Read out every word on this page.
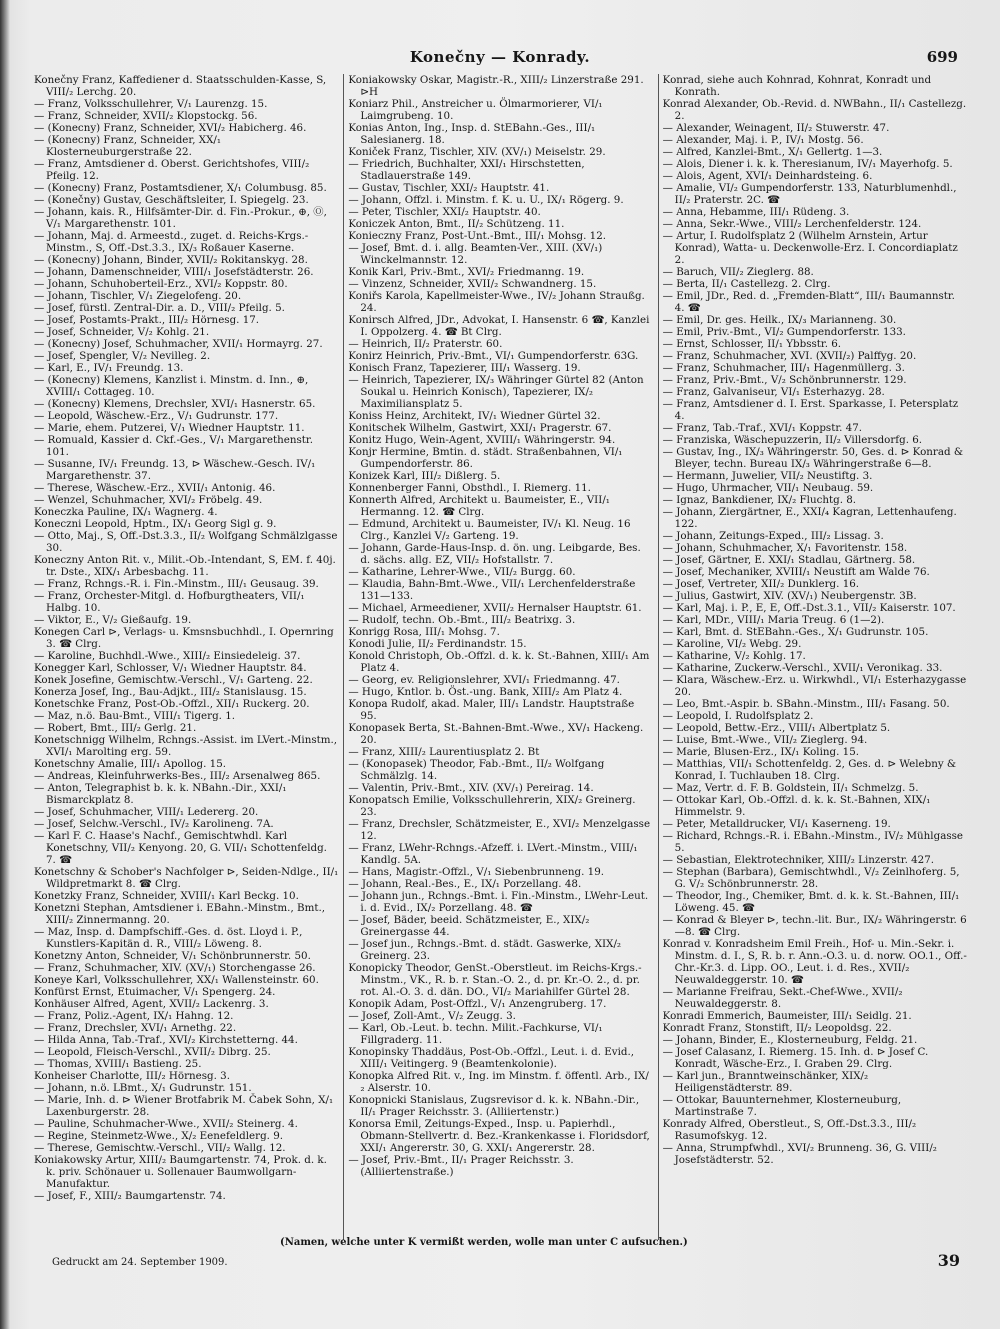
Konečny — Konrady.	699

Konečny Franz, Kaffediener d. Staatsschulden-Kasse, S, VIII/₂ Lerchg. 20.

— Franz, Volksschullehrer, V/₁ Laurenzg. 15.

— Franz, Schneider, XVII/₂ Klopstockg. 56.

— (Konecny) Franz, Schneider, XVI/₂ Habicherg. 46.

— (Konecny) Franz, Schneider, XX/₁ Klosterneuburgerstraße 22.

— Franz, Amtsdiener d. Oberst. Gerichtshofes, VIII/₂ Pfeilg. 12.

— (Konecny) Franz, Postamtsdiener, X/₁ Columbusg. 85.

— (Konečny) Gustav, Geschäftsleiter, I. Spiegelg. 23.

— Johann, kais. R., Hilfsämter-Dir. d. Fin.-Prokur., ⊕, Ⓞ, V/₁ Margarethenstr. 101.

— Johann, Maj. d. Armeestd., zuget. d. Reichs-Krgs.-Minstm., S, Off.-Dst.3.3., IX/₃ Roßauer Kaserne.

— (Konecny) Johann, Binder, XVII/₂ Rokitanskyg. 28.

— Johann, Damenschneider, VIII/₁ Josefstädterstr. 26.

— Johann, Schuhoberteil-Erz., XVI/₂ Koppstr. 80.

— Johann, Tischler, V/₁ Ziegelofeng. 20.

— Josef, fürstl. Zentral-Dir. a. D., VIII/₂ Pfeilg. 5.

— Josef, Postamts-Prakt., III/₂ Hörnesg. 17.

— Josef, Schneider, V/₂ Kohlg. 21.

— (Konecny) Josef, Schuhmacher, XVII/₁ Hormayrg. 27.

— Josef, Spengler, V/₂ Nevilleg. 2.

— Karl, E., IV/₁ Freundg. 13.

— (Konecny) Klemens, Kanzlist i. Minstm. d. Inn., ⊕, XVIII/₁ Cottageg. 10.

— (Konecny) Klemens, Drechsler, XVI/₁ Hasnerstr. 65.

— Leopold, Wäschew.-Erz., V/₁ Gudrunstr. 177.

— Marie, ehem. Putzerei, V/₁ Wiedner Hauptstr. 11.

— Romuald, Kassier d. Ckf.-Ges., V/₁ Margarethenstr. 101.

— Susanne, IV/₁ Freundg. 13, ⊳ Wäschew.-Gesch. IV/₁ Margarethenstr. 37.

— Therese, Wäschew.-Erz., XVII/₁ Antonig. 46.

— Wenzel, Schuhmacher, XVI/₂ Fröbelg. 49.

Koneczka Pauline, IX/₁ Wagnerg. 4.

Koneczni Leopold, Hptm., IX/₁ Georg Sigl g. 9.

— Otto, Maj., S, Off.-Dst.3.3., II/₂ Wolfgang Schmälzlgasse 30.

Koneczny Anton Rit. v., Milit.-Ob.-Intendant, S, EM. f. 40j. tr. Dste., XIX/₁ Arbesbachg. 11.

— Franz, Rchngs.-R. i. Fin.-Minstm., III/₁ Geusaug. 39.

— Franz, Orchester-Mitgl. d. Hofburgtheaters, VII/₁ Halbg. 10.

— Viktor, E., V/₂ Gießaufg. 19.

Konegen Carl ⊳, Verlags- u. Kmsnsbuchhdl., I. Opernring 3. ☎ Clrg.

— Karoline, Buchhdl.-Wwe., XIII/₂ Einsiedeleig. 37.

Konegger Karl, Schlosser, V/₁ Wiedner Hauptstr. 84.

Konek Josefine, Gemischtw.-Verschl., V/₁ Garteng. 22.

Konerza Josef, Ing., Bau-Adjkt., III/₂ Stanislausg. 15.

Konetschke Franz, Post-Ob.-Offzl., XII/₁ Ruckerg. 20.

— Maz, n.ö. Bau-Bmt., VIII/₁ Tigerg. 1.

— Robert, Bmt., III/₂ Gerlg. 21.

Konetschnigg Wilhelm, Rchngs.-Assist. im LVert.-Minstm., XVI/₁ Marolting erg. 59.

Konetschny Amalie, III/₁ Apollog. 15.

— Andreas, Kleinfuhrwerks-Bes., III/₂ Arsenalweg 865.

— Anton, Telegraphist b. k. k. NBahn.-Dir., XXI/₁ Bismarckplatz 8.

— Josef, Schuhmacher, VIII/₁ Ledererg. 20.

— Josef, Selchw.-Verschl., IV/₂ Karolineng. 7A.

— Karl F. C. Haase's Nachf., Gemischtwhdl. Karl Konetschny, VII/₂ Kenyong. 20, G. VII/₁ Schottenfeldg. 7. ☎

Konetschny & Schober's Nachfolger ⊳, Seiden-Ndlge., II/₁ Wildpretmarkt 8. ☎ Clrg.

Konetzky Franz, Schneider, XVIII/₁ Karl Beckg. 10.

Konetzni Stephan, Amtsdiener i. EBahn.-Minstm., Bmt., XIII/₂ Zinnermanng. 20.

— Maz, Insp. d. Dampfschiff.-Ges. d. öst. Lloyd i. P., Kunstlers-Kapitän d. R., VIII/₂ Löweng. 8.

Konetzny Anton, Schneider, V/₁ Schönbrunnerstr. 50.

— Franz, Schuhmacher, XIV. (XV/₁) Storchengasse 26.

Koneye Karl, Volksschullehrer, XX/₁ Wallensteinstr. 60.

Konfürst Ernst, Etuimacher, V/₁ Spengerg. 24.

Konhäuser Alfred, Agent, XVII/₂ Lackenrg. 3.

— Franz, Poliz.-Agent, IX/₁ Hahng. 12.

— Franz, Drechsler, XVI/₁ Arnethg. 22.

— Hilda Anna, Tab.-Traf., XVI/₂ Kirchstetterng. 44.

— Leopold, Fleisch-Verschl., XVII/₂ Dibrg. 25.

— Thomas, XVIII/₁ Bastieng. 25.

Konheiser Charlotte, III/₂ Hörnesg. 3.

— Johann, n.ö. LBmt., X/₁ Gudrunstr. 151.

— Marie, Inh. d. ⊳ Wiener Brotfabrik M. Čabek Sohn, X/₁ Laxenburgerstr. 28.

— Pauline, Schuhmacher-Wwe., XVII/₂ Steinerg. 4.

— Regine, Steinmetz-Wwe., X/₂ Eenefeldlerg. 9.

— Therese, Gemischtw.-Verschl., VII/₂ Wallg. 12.

Koniakowsky Artur, XIII/₂ Baumgartenstr. 74, Prok. d. k. k. priv. Schönauer u. Sollenauer Baumwollgarn-Manufaktur.

— Josef, F., XIII/₂ Baumgartenstr. 74.

Koniakowsky Oskar, Magistr.-R., XIII/₂ Linzerstraße 291. ⊳H

Koniarz Phil., Anstreicher u. Ölmarmorierer, VI/₁ Laimgrubeng. 10.

Konias Anton, Ing., Insp. d. StEBahn.-Ges., III/₁ Salesianerg. 18.

Koniček Franz, Tischler, XIV. (XV/₁) Meiselstr. 29.

— Friedrich, Buchhalter, XXI/₁ Hirschstetten, Stadlauerstraße 149.

— Gustav, Tischler, XXI/₂ Hauptstr. 41.

— Johann, Offzl. i. Minstm. f. K. u. U., IX/₁ Rögerg. 9.

— Peter, Tischler, XXI/₂ Hauptstr. 40.

Koniczek Anton, Bmt., II/₂ Schützeng. 11.

Konieczny Franz, Post-Unt.-Bmt., III/₁ Mohsg. 12.

— Josef, Bmt. d. i. allg. Beamten-Ver., XIII. (XV/₁) Winckelmannstr. 12.

Konik Karl, Priv.-Bmt., XVI/₂ Friedmanng. 19.

— Vinzenz, Schneider, XVII/₂ Schwandnerg. 15.

Koniřs Karola, Kapellmeister-Wwe., IV/₂ Johann Straußg. 24.

Konirsch Alfred, JDr., Advokat, I. Hansenstr. 6 ☎, Kanzlei I. Oppolzerg. 4. ☎ Bt Clrg.

— Heinrich, II/₂ Praterstr. 60.

Konirz Heinrich, Priv.-Bmt., VI/₁ Gumpendorferstr. 63G.

Konisch Franz, Tapezierer, III/₁ Wasserg. 19.

— Heinrich, Tapezierer, IX/₃ Währinger Gürtel 82 (Anton Soukal u. Heinrich Konisch), Tapezierer, IX/₂ Maximiliansplatz 5.

Koniss Heinz, Architekt, IV/₁ Wiedner Gürtel 32.

Konitschek Wilhelm, Gastwirt, XXI/₁ Pragerstr. 67.

Konitz Hugo, Wein-Agent, XVIII/₁ Währingerstr. 94.

Konjr Hermine, Bmtin. d. städt. Straßenbahnen, VI/₁ Gumpendorferstr. 86.

Konizek Karl, III/₂ Dißlerg. 5.

Konnenberger Fanni, Obsthdl., I. Riemerg. 11.

Konnerth Alfred, Architekt u. Baumeister, E., VII/₁ Hermanng. 12. ☎ Clrg.

— Edmund, Architekt u. Baumeister, IV/₁ Kl. Neug. 16 Clrg., Kanzlei V/₂ Garteng. 19.

— Johann, Garde-Haus-Insp. d. ön. ung. Leibgarde, Bes. d. sächs. allg. EZ, VII/₂ Hofstallstr. 7.

— Katharine, Lehrer-Wwe., VII/₂ Burgg. 60.

— Klaudia, Bahn-Bmt.-Wwe., VII/₁ Lerchenfelderstraße 131—133.

— Michael, Armeediener, XVII/₂ Hernalser Hauptstr. 61.

— Rudolf, techn. Ob.-Bmt., III/₂ Beatrixg. 3.

Konrigg Rosa, III/₁ Mohsg. 7.

Konodi Julie, II/₂ Ferdinandstr. 15.

Konold Christoph, Ob.-Offzl. d. k. k. St.-Bahnen, XIII/₁ Am Platz 4.

— Georg, ev. Religionslehrer, XVI/₁ Friedmanng. 47.

— Hugo, Kntlor. b. Öst.-ung. Bank, XIII/₂ Am Platz 4.

Konopa Rudolf, akad. Maler, III/₁ Landstr. Hauptstraße 95.

Konopasek Berta, St.-Bahnen-Bmt.-Wwe., XV/₁ Hackeng. 20.

— Franz, XIII/₂ Laurentiusplatz 2. Bt

— (Konopasek) Theodor, Fab.-Bmt., II/₂ Wolfgang Schmälzlg. 14.

— Valentin, Priv.-Bmt., XIV. (XV/₁) Pereirag. 14.

Konopatsch Emilie, Volksschullehrerin, XIX/₂ Greinerg. 23.

— Franz, Drechsler, Schätzmeister, E., XVI/₂ Menzelgasse 12.

— Franz, LWehr-Rchngs.-Afzeff. i. LVert.-Minstm., VIII/₁ Kandlg. 5A.

— Hans, Magistr.-Offzl., V/₁ Siebenbrunneng. 19.

— Johann, Real.-Bes., E., IX/₁ Porzellang. 48.

— Johann jun., Rchngs.-Bmt. i. Fin.-Minstm., LWehr-Leut. i. d. Evid., IX/₂ Porzellang. 48. ☎

— Josef, Bäder, beeid. Schätzmeister, E., XIX/₂ Greinergasse 44.

— Josef jun., Rchngs.-Bmt. d. städt. Gaswerke, XIX/₂ Greinerg. 23.

Konopicky Theodor, GenSt.-Oberstleut. im Reichs-Krgs.-Minstm., VK., R. b. r. Stan.-O. 2., d. pr. Kr.-O. 2., d. pr. rot. Al.-O. 3. d. dän. DO., VI/₂ Mariahilfer Gürtel 28.

Konopik Adam, Post-Offzl., V/₁ Anzengruberg. 17.

— Josef, Zoll-Amt., V/₂ Zeugg. 3.

— Karl, Ob.-Leut. b. techn. Milit.-Fachkurse, VI/₁ Fillgraderg. 11.

Konopinsky Thaddäus, Post-Ob.-Offzl., Leut. i. d. Evid., XIII/₁ Veitingerg. 9 (Beamtenkolonie).

Konopka Alfred Rit. v., Ing. im Minstm. f. öffentl. Arb., IX/₂ Alserstr. 10.

Konopnicki Stanislaus, Zugsrevisor d. k. k. NBahn.-Dir., II/₁ Prager Reichsstr. 3. (Alliiertenstr.)

Konorsa Emil, Zeitungs-Exped., Insp. u. Papierhdl., Obmann-Stellvertr. d. Bez.-Krankenkasse i. Floridsdorf, XXI/₁ Angererstr. 30, G. XXI/₁ Angererstr. 28.

— Josef, Priv.-Bmt., II/₁ Prager Reichsstr. 3. (Alliiertenstraße.)

Konrad, siehe auch Kohnrad, Kohnrat, Konradt und Konrath.

Konrad Alexander, Ob.-Revid. d. NWBahn., II/₁ Castellezg. 2.

— Alexander, Weinagent, II/₂ Stuwerstr. 47.

— Alexander, Maj. i. P., IV/₁ Mostg. 56.

— Alfred, Kanzlei-Bmt., X/₁ Gellertg. 1—3.

— Alois, Diener i. k. k. Theresianum, IV/₁ Mayerhofg. 5.

— Alois, Agent, XVI/₁ Deinhardsteing. 6.

— Amalie, VI/₂ Gumpendorferstr. 133, Naturblumenhdl., II/₂ Praterstr. 2C. ☎

— Anna, Hebamme, III/₁ Rüdeng. 3.

— Anna, Sekr.-Wwe., VIII/₂ Lerchenfelderstr. 124.

— Artur, I. Rudolfsplatz 2 (Wilhelm Arnstein, Artur Konrad), Watta- u. Deckenwolle-Erz. I. Concordiaplatz 2.

— Baruch, VII/₂ Zieglerg. 88.

— Berta, II/₁ Castellezg. 2. Clrg.

— Emil, JDr., Red. d. „Fremden-Blatt“, III/₁ Baumannstr. 4. ☎

— Emil, Dr. ges. Heilk., IX/₃ Marianneng. 30.

— Emil, Priv.-Bmt., VI/₂ Gumpendorferstr. 133.

— Ernst, Schlosser, II/₁ Ybbsstr. 6.

— Franz, Schuhmacher, XVI. (XVII/₂) Palffyg. 20.

— Franz, Schuhmacher, III/₁ Hagenmüllerg. 3.

— Franz, Priv.-Bmt., V/₂ Schönbrunnerstr. 129.

— Franz, Galvaniseur, VI/₁ Esterhazyg. 28.

— Franz, Amtsdiener d. I. Erst. Sparkasse, I. Petersplatz 4.

— Franz, Tab.-Traf., XVI/₁ Koppstr. 47.

— Franziska, Wäschepuzzerin, II/₂ Villersdorfg. 6.

— Gustav, Ing., IX/₃ Währingerstr. 50, Ges. d. ⊳ Konrad & Bleyer, techn. Bureau IX/₃ Währingerstraße 6—8.

— Hermann, Juwelier, VII/₂ Neustiftg. 3.

— Hugo, Uhrmacher, VII/₁ Neubaug. 59.

— Ignaz, Bankdiener, IX/₂ Fluchtg. 8.

— Johann, Ziergärtner, E., XXI/₄ Kagran, Lettenhaufeng. 122.

— Johann, Zeitungs-Exped., III/₂ Lissag. 3.

— Johann, Schuhmacher, X/₁ Favoritenstr. 158.

— Josef, Gärtner, E. XXI/₁ Stadlau, Gärtnerg. 58.

— Josef, Mechaniker, XVIII/₁ Neustift am Walde 76.

— Josef, Vertreter, XII/₂ Dunklerg. 16.

— Julius, Gastwirt, XIV. (XV/₁) Neubergenstr. 3B.

— Karl, Maj. i. P., E, E, Off.-Dst.3.1., VII/₂ Kaiserstr. 107.

— Karl, MDr., VIII/₁ Maria Treug. 6 (1—2).

— Karl, Bmt. d. StEBahn.-Ges., X/₁ Gudrunstr. 105.

— Karoline, VI/₂ Webg. 29.

— Katharine, V/₂ Kohlg. 17.

— Katharine, Zuckerw.-Verschl., XVII/₁ Veronikag. 33.

— Klara, Wäschew.-Erz. u. Wirkwhdl., VI/₁ Esterhazygasse 20.

— Leo, Bmt.-Aspir. b. SBahn.-Minstm., III/₁ Fasang. 50.

— Leopold, I. Rudolfsplatz 2.

— Leopold, Bettw.-Erz., VIII/₁ Albertplatz 5.

— Luise, Bmt.-Wwe., VII/₂ Zieglerg. 94.

— Marie, Blusen-Erz., IX/₁ Koling. 15.

— Matthias, VII/₁ Schottenfeldg. 2, Ges. d. ⊳ Welebny & Konrad, I. Tuchlauben 18. Clrg.

— Maz, Vertr. d. F. B. Goldstein, II/₁ Schmelzg. 5.

— Ottokar Karl, Ob.-Offzl. d. k. k. St.-Bahnen, XIX/₁ Himmelstr. 9.

— Peter, Metalldrucker, VI/₁ Kaserneng. 19.

— Richard, Rchngs.-R. i. EBahn.-Minstm., IV/₂ Mühlgasse 5.

— Sebastian, Elektrotechniker, XIII/₂ Linzerstr. 427.

— Stephan (Barbara), Gemischtwhdl., V/₂ Zeinlhoferg. 5, G. V/₂ Schönbrunnerstr. 28.

— Theodor, Ing., Chemiker, Bmt. d. k. k. St.-Bahnen, III/₁ Löweng. 45. ☎

— Konrad & Bleyer ⊳, techn.-lit. Bur., IX/₂ Währingerstr. 6—8. ☎ Clrg.

Konrad v. Konradsheim Emil Freih., Hof- u. Min.-Sekr. i. Minstm. d. I., S, R. b. r. Ann.-O.3. u. d. norw. OO.1., Off.-Chr.-Kr.3. d. Lipp. OO., Leut. i. d. Res., XVII/₂ Neuwaldeggerstr. 10. ☎

— Marianne Freifrau, Sekt.-Chef-Wwe., XVII/₂ Neuwaldeggerstr. 8.

Konradi Emmerich, Baumeister, III/₁ Seidlg. 21.

Konradt Franz, Stonstift, II/₂ Leopoldsg. 22.

— Johann, Binder, E., Klosterneuburg, Feldg. 21.

— Josef Calasanz, I. Riemerg. 15. Inh. d. ⊳ Josef C. Konradt, Wäsche-Erz., I. Graben 29. Clrg.

— Karl jun., Branntweinschänker, XIX/₂ Heiligenstädterstr. 89.

— Ottokar, Bauunternehmer, Klosterneuburg, Martinstraße 7.

Konrady Alfred, Oberstleut., S, Off.-Dst.3.3., III/₂ Rasumofskyg. 12.

— Anna, Strumpfwhdl., XVI/₂ Brunneng. 36, G. VIII/₂ Josefstädterstr. 52.

(Namen, welche unter K vermißt werden, wolle man unter C aufsuchen.)
Gedruckt am 24. September 1909.	39
